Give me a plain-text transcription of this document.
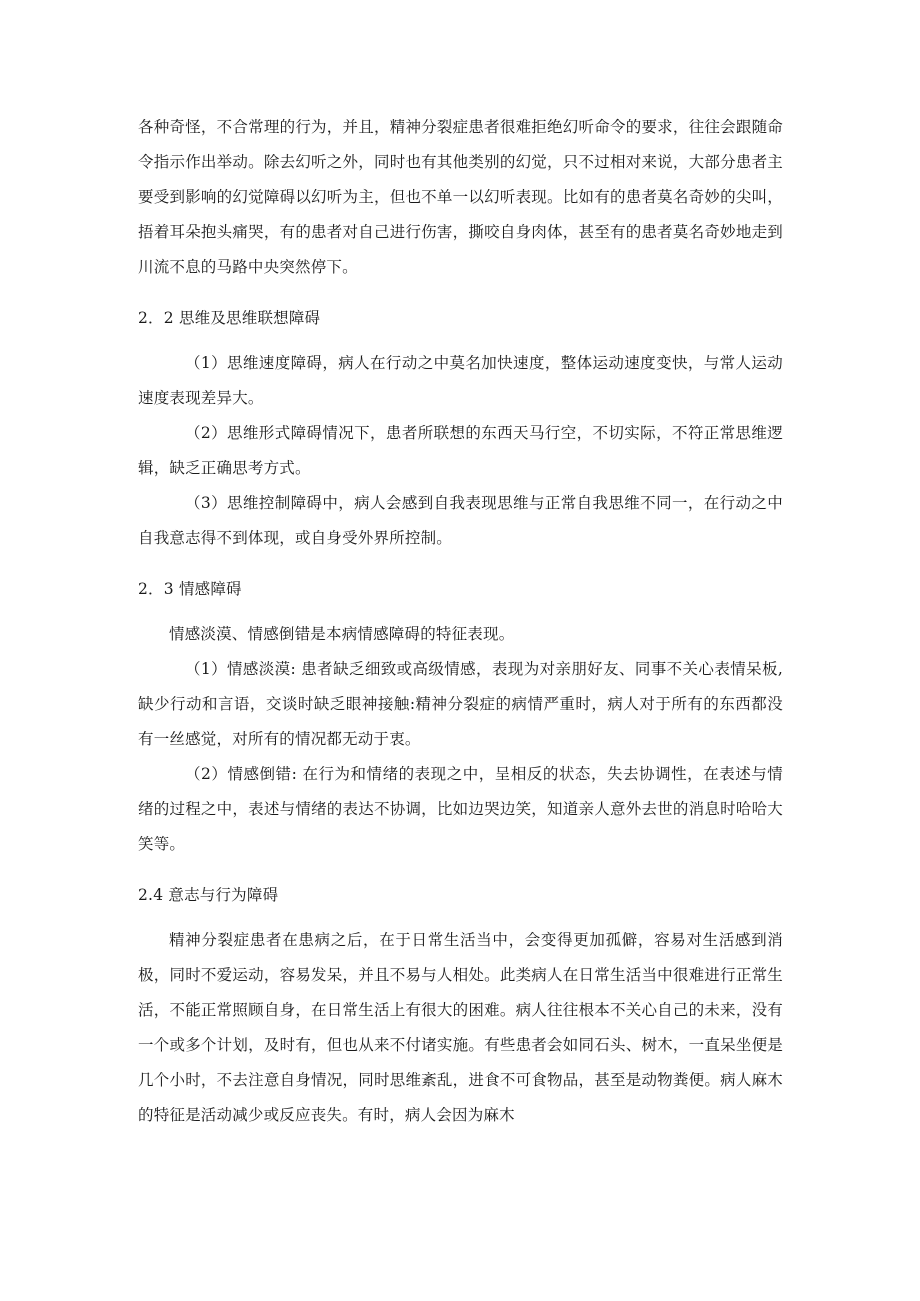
各种奇怪，不合常理的行为，并且，精神分裂症患者很难拒绝幻听命令的要求，往往会跟随命令指示作出举动。除去幻听之外，同时也有其他类别的幻觉，只不过相对来说，大部分患者主要受到影响的幻觉障碍以幻听为主，但也不单一以幻听表现。比如有的患者莫名奇妙的尖叫，捂着耳朵抱头痛哭，有的患者对自己进行伤害，撕咬自身肉体，甚至有的患者莫名奇妙地走到川流不息的马路中央突然停下。

2．2 思维及思维联想障碍

（1）思维速度障碍，病人在行动之中莫名加快速度，整体运动速度变快，与常人运动速度表现差异大。

（2）思维形式障碍情况下，患者所联想的东西天马行空，不切实际，不符正常思维逻辑，缺乏正确思考方式。

（3）思维控制障碍中，病人会感到自我表现思维与正常自我思维不同一，在行动之中自我意志得不到体现，或自身受外界所控制。

2．3 情感障碍

情感淡漠、情感倒错是本病情感障碍的特征表现。

（1）情感淡漠: 患者缺乏细致或高级情感，表现为对亲朋好友、同事不关心表情呆板,缺少行动和言语，交谈时缺乏眼神接触:精神分裂症的病情严重时，病人对于所有的东西都没有一丝感觉，对所有的情况都无动于衷。

（2）情感倒错: 在行为和情绪的表现之中，呈相反的状态，失去协调性，在表述与情绪的过程之中，表述与情绪的表达不协调，比如边哭边笑，知道亲人意外去世的消息时哈哈大笑等。

2.4 意志与行为障碍

精神分裂症患者在患病之后，在于日常生活当中，会变得更加孤僻，容易对生活感到消极，同时不爱运动，容易发呆，并且不易与人相处。此类病人在日常生活当中很难进行正常生活，不能正常照顾自身，在日常生活上有很大的困难。病人往往根本不关心自己的未来，没有一个或多个计划，及时有，但也从来不付诸实施。有些患者会如同石头、树木，一直呆坐便是几个小时，不去注意自身情况，同时思维紊乱，进食不可食物品，甚至是动物粪便。病人麻木的特征是活动减少或反应丧失。有时，病人会因为麻木
